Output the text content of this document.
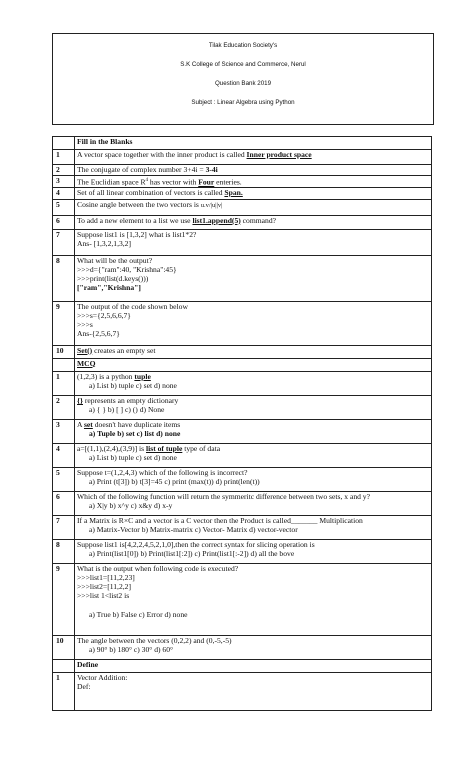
Tilak Education Society's
S.K College of Science and Commerce, Nerul
Question Bank 2019
Subject : Linear Algebra using Python
	Fill in the Blanks
1	A vector space together with the inner product is called Inner product space
2	The conjugate of complex number 3+4i = 3-4i
3	The Euclidian space $R^4$ has vector with Four enteries.
4	Set of all linear combination of vectors is called Span.
5	Cosine angle between the two vectors is u.v/|u||v|
6	To add a new element to a list we use list1.append(5) command?
7	Suppose list1 is [1,3,2] what is list1*2?
Ans- [1,3,2,1,3,2]

8	What will be the output?
>>>d={"ram":40, "Krishna":45}
>>>print(list(d.keys()))
["ram","Krishna"]

9	The output of the code shown below
>>>s={2,5,6,6,7}
>>>s
Ans-{2,5,6,7}

10	Set() creates an empty set
	MCQ
1	(1,2,3) is a python tuple
a) List b) tuple c) set d) none

2	{} represents an empty dictionary
a) { } b) [ ] c) () d) None

3	A set doesn't have duplicate items
a) Tuple b) set c) list d) none

4	a=[(1,1),(2,4),(3,9)] is list of tuple type of data
a) List b) tuple c) set d) none

5	Suppose t=(1,2,4,3) which of the following is incorrect?
a) Print (t[3]) b) t[3]=45 c) print (max(t)) d) print(len(t))

6	Which of the following function will return the symmeritc difference between two sets, x and y?
a) X|y b) x^y c) x&y d) x-y

7	If a Matrix is R×C and a vector is a C vector then the Product is called_______ Multiplication
a) Matrix-Vector b) Matrix-matrix c) Vector- Matrix d) vector-vector

8	Suppose list1 is[4,2,2,4,5,2,1,0],then the correct syntax for slicing operation is
a) Print(list1[0]) b) Print(list1[:2]) c) Print(list1[:-2]) d) all the bove

9	What is the output when following code is executed?
>>>list1=[11,2,23]
>>>list2=[11,2,2]
>>>list 1<list2 is
a) True b) False c) Error d) none

10	The angle between the vectors (0,2,2) and (0,-5,-5)
a) 90° b) 180° c) 30° d) 60°

	Define
1	Vector Addition:
Def:
